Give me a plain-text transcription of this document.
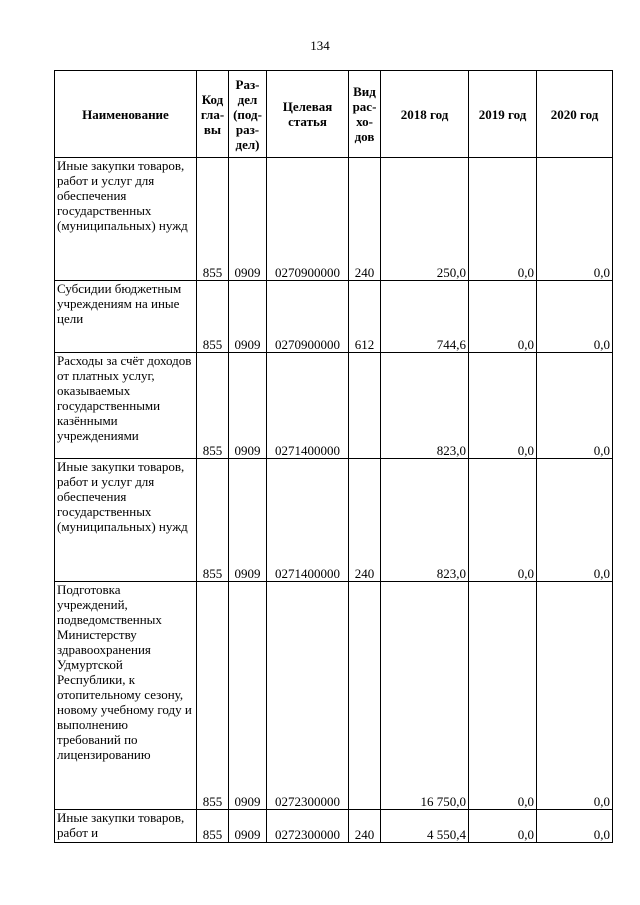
134
Наименование	Код гла- вы	Раз- дел (под- раз- дел)	Целевая статья	Вид рас- хо- дов	2018 год	2019 год	2020 год
Иные закупки товаров, работ и услуг для обеспечения государственных (муниципальных) нужд	855	0909	0270900000	240	250,0	0,0	0,0
Субсидии бюджетным учреждениям на иные цели	855	0909	0270900000	612	744,6	0,0	0,0
Расходы за счёт доходов от платных услуг, оказываемых государственными казёнными учреждениями	855	0909	0271400000		823,0	0,0	0,0
Иные закупки товаров, работ и услуг для обеспечения государственных (муниципальных) нужд	855	0909	0271400000	240	823,0	0,0	0,0
Подготовка учреждений, подведомственных Министерству здравоохранения Удмуртской Республики, к отопительному сезону, новому учебному году и выполнению требований по лицензированию	855	0909	0272300000		16 750,0	0,0	0,0
Иные закупки товаров, работ и	855	0909	0272300000	240	4 550,4	0,0	0,0
